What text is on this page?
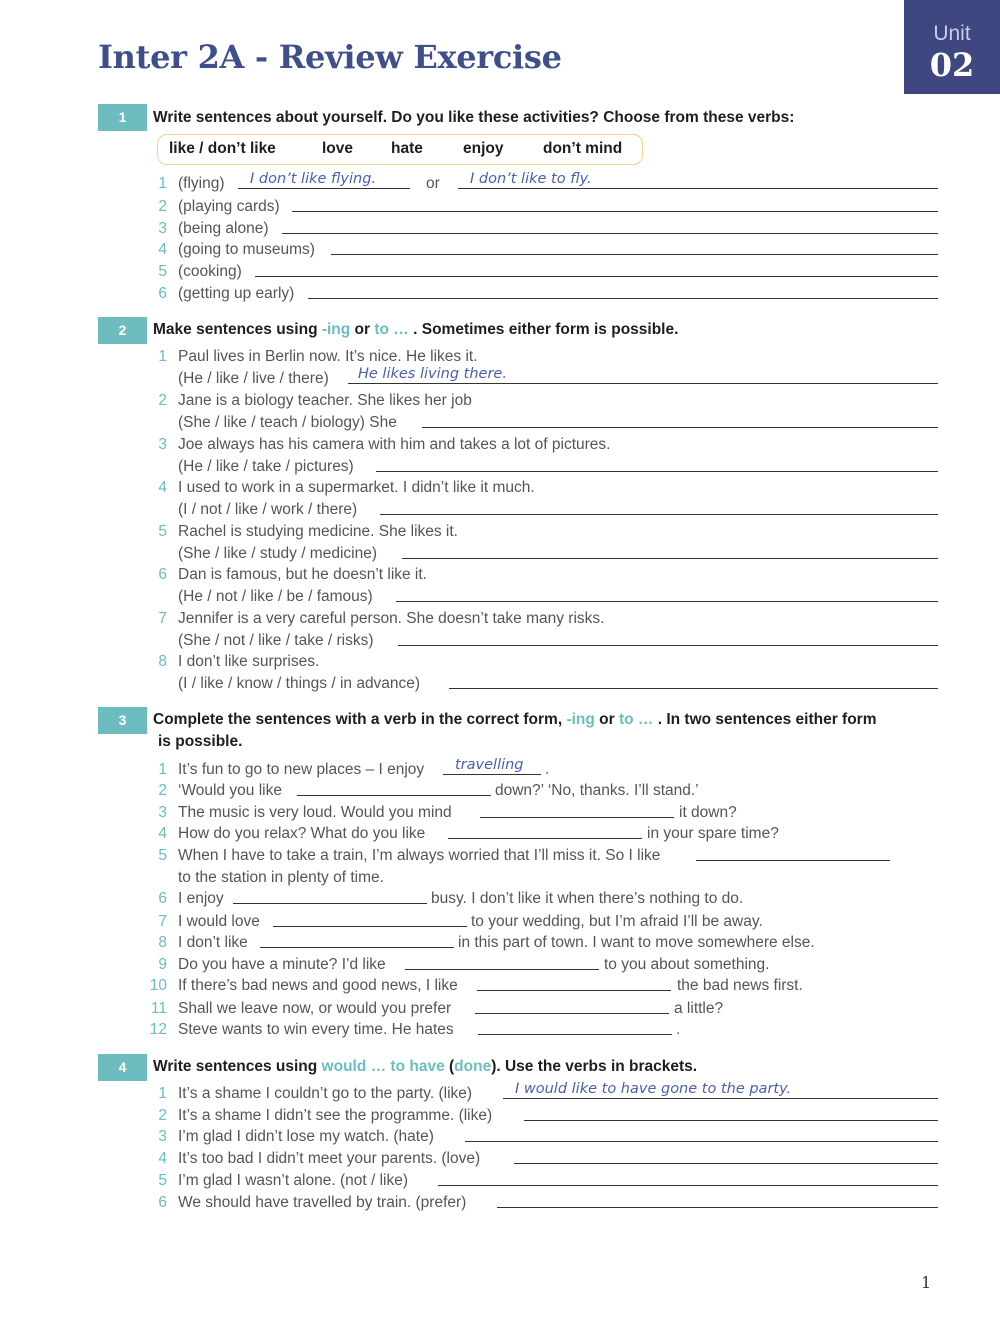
Inter 2A - Review Exercise
Unit
02
1	Write sentences about yourself. Do you like these activities? Choose from these verbs:
like / don’t like	love hate	enjoy	don’t mind
1 (flying) I don’t like flying.	or I don’t like to fly.
2 (playing cards)
3 (being alone)
4 (going to museums)
5 (cooking)
6 (getting up early)
2	Make sentences using -ing or to … . Sometimes either form is possible.
1 Paul lives in Berlin now. It’s nice. He likes it.
(He / like / live / there) He likes living there.
2 Jane is a biology teacher. She likes her job
(She / like / teach / biology) She
3 Joe always has his camera with him and takes a lot of pictures.
(He / like / take / pictures)
4 I used to work in a supermarket. I didn’t like it much.
(I / not / like / work / there)
5 Rachel is studying medicine. She likes it.
(She / like / study / medicine)
6 Dan is famous, but he doesn’t like it.
(He / not / like / be / famous)
7 Jennifer is a very careful person. She doesn’t take many risks.
(She / not / like / take / risks)
8 I don’t like surprises.
(I / like / know / things / in advance)
3	Complete the sentences with a verb in the correct form, -ing or to … . In two sentences either form
is possible.
1 It’s fun to go to new places – I enjoy travelling .
2 ‘Would you like	down?’ ‘No, thanks. I’ll stand.’
3 The music is very loud. Would you mind	it down?
4 How do you relax? What do you like	in your spare time?
5 When I have to take a train, I’m always worried that I’ll miss it. So I like
to the station in plenty of time.
6 I enjoy	busy. I don’t like it when there’s nothing to do.
7 I would love	to your wedding, but I’m afraid I’ll be away.
8 I don’t like	in this part of town. I want to move somewhere else.
9 Do you have a minute? I’d like	to you about something.
10 If there’s bad news and good news, I like	the bad news first.
11 Shall we leave now, or would you prefer	a little?
12 Steve wants to win every time. He hates	.
4	Write sentences using would … to have (done). Use the verbs in brackets.
1 It’s a shame I couldn’t go to the party. (like)	I would like to have gone to the party.
2 It’s a shame I didn’t see the programme. (like)
3 I’m glad I didn’t lose my watch. (hate)
4 It’s too bad I didn’t meet your parents. (love)
5 I’m glad I wasn’t alone. (not / like)
6 We should have travelled by train. (prefer)
1
